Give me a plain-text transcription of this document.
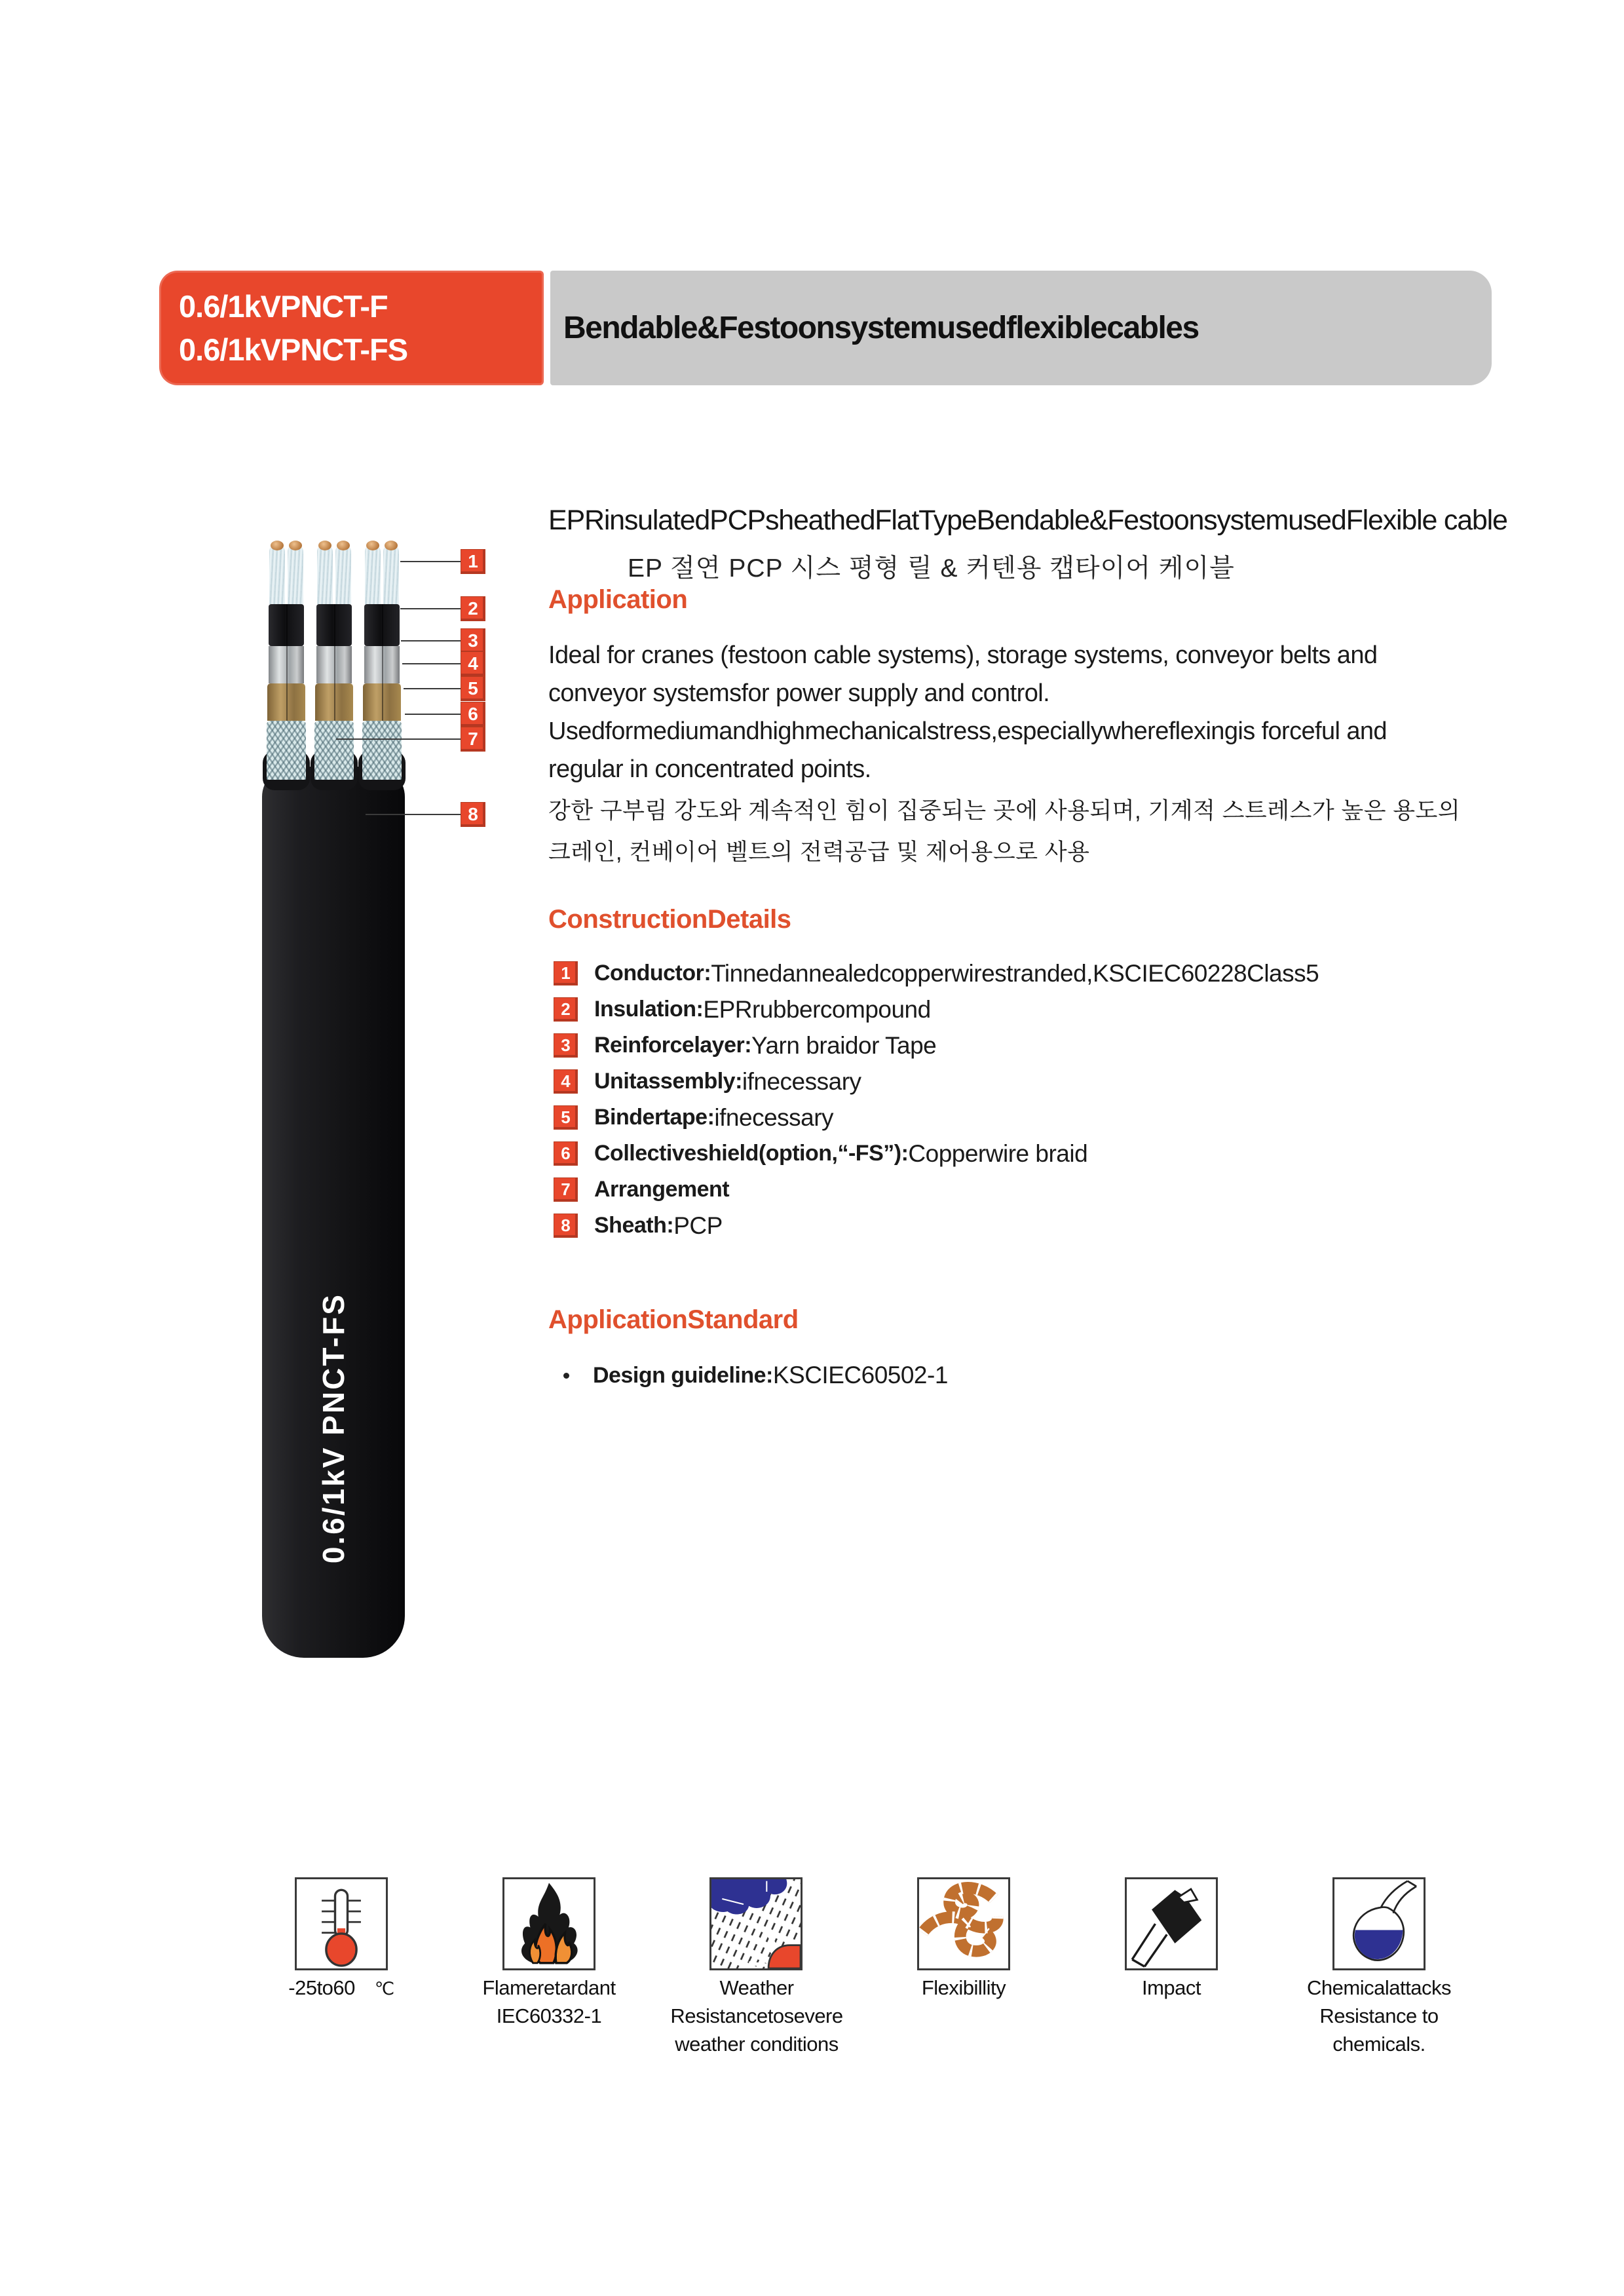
Bendable&Festoonsystemusedflexiblecables
0.6/1kVPNCT-F
0.6/1kVPNCT-FS
EPRinsulatedPCPsheathedFlatTypeBendable&FestoonsystemusedFlexible cable
EP 절연 PCP 시스 평형 릴 & 커텐용 캡타이어 케이블
Application
Ideal for cranes (festoon cable systems), storage systems, conveyor belts and
conveyor systemsfor power supply and control.
Usedformediumandhighmechanicalstress,especiallywhereflexingis forceful and
regular in concentrated points.
강한 구부림 강도와 계속적인 힘이 집중되는 곳에 사용되며, 기계적 스트레스가 높은 용도의
크레인, 컨베이어 벨트의 전력공급 및 제어용으로 사용
ConstructionDetails
1	Conductor: Tinnedannealedcopperwirestranded,KSCIEC60228Class5
2	Insulation: EPRrubbercompound
3	Reinforcelayer: Yarn braidor Tape
4	Unitassembly: ifnecessary
5	Bindertape: ifnecessary
6	Collectiveshield(option,“-FS”): Copperwire braid
7	Arrangement
8	Sheath: PCP
ApplicationStandard
Design guideline: KSCIEC60502-1
0.6/1kV PNCT-FS
1
2
3
4
5
6
7
8
-25to60 ℃	Flameretardant
IEC60332-1
Weather
Resistancetosevere
weather conditions
Flexibillity	Impact	Chemicalattacks
Resistance to
chemicals.
